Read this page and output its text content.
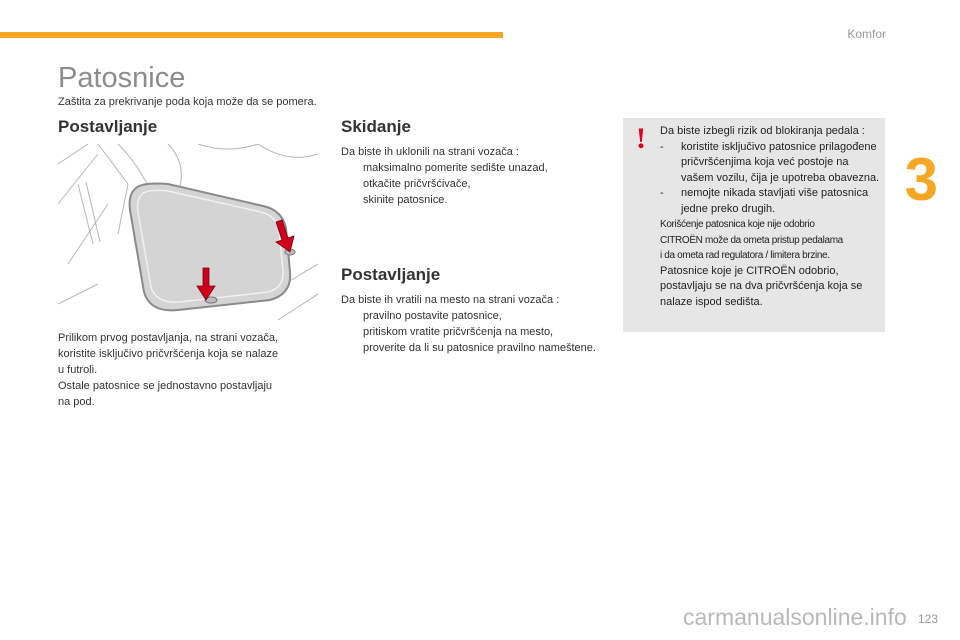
Komfor
3
Patosnice
Zaštita za prekrivanje poda koja može da se pomera.
Postavljanje
Prilikom prvog postavljanja, na strani vozača,
koristite isključivo pričvršćenja koja se nalaze
u futroli.
Ostale patosnice se jednostavno postavljaju
na pod.
Skidanje
Da biste ih uklonili na strani vozača :
maksimalno pomerite sedište unazad,
otkačite pričvršćivače,
skinite patosnice.
Postavljanje
Da biste ih vratili na mesto na strani vozača :
pravilno postavite patosnice,
pritiskom vratite pričvršćenja na mesto,
proverite da li su patosnice pravilno nameštene.
! Da biste izbegli rizik od blokiranja pedala :
- koristite isključivo patosnice prilagođene pričvršćenjima koja već postoje na vašem vozilu, čija je upotreba obavezna.
- nemojte nikada stavljati više patosnica jedne preko drugih.
Korišćenje patosnica koje nije odobrio
CITROËN može da ometa pristup pedalama
i da ometa rad regulatora / limitera brzine.
Patosnice koje je CITROËN odobrio, postavljaju se na dva pričvršćenja koja se nalaze ispod sedišta.
carmanualsonline.info 123
